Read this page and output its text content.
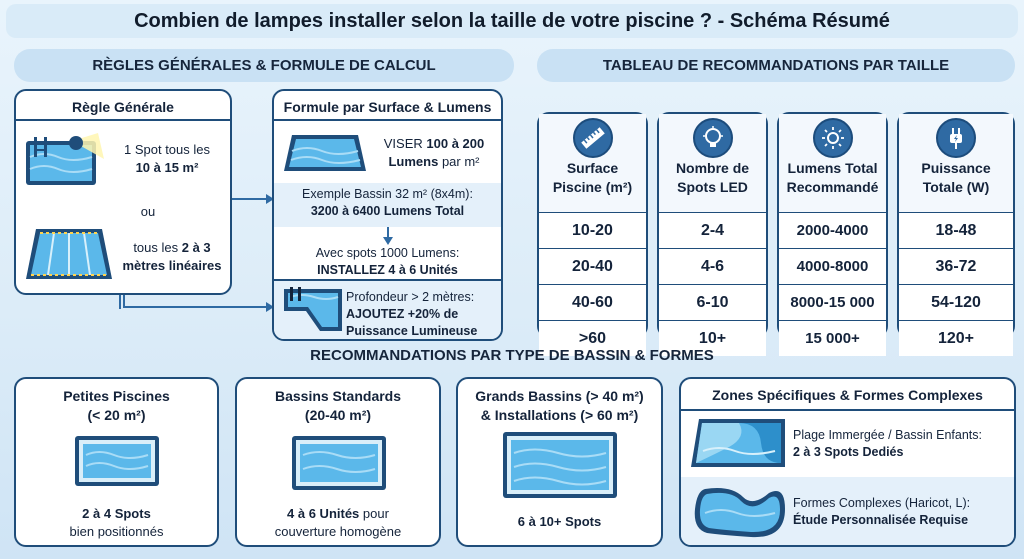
Combien de lampes installer selon la taille de votre piscine ? - Schéma Résumé
RÈGLES GÉNÉRALES & FORMULE DE CALCUL	TABLEAU DE RECOMMANDATIONS PAR TAILLE
Règle Générale
1 Spot tous les
10 à 15 m²
ou
tous les 2 à 3
mètres linéaires
Formule par Surface & Lumens
VISER 100 à 200
Lumens par m²
Exemple Bassin 32 m² (8x4m):
3200 à 6400 Lumens Total
Avec spots 1000 Lumens:
INSTALLEZ 4 à 6 Unités
Profondeur > 2 mètres:
AJOUTEZ +20% de
Puissance Lumineuse
Surface Piscine (m²)
10-20
20-40
40-60
>60
Nombre de Spots LED
2-4
4-6
6-10
10+
Lumens Total Recommandé
2000-4000
4000-8000
8000-15 000
15 000+
Puissance Totale (W)
18-48
36-72
54-120
120+
RECOMMANDATIONS PAR TYPE DE BASSIN & FORMES
Petites Piscines
(< 20 m²)
2 à 4 Spots
bien positionnés
Bassins Standards
(20-40 m²)
4 à 6 Unités pour
couverture homogène
Grands Bassins (> 40 m²)
& Installations (> 60 m²)
6 à 10+ Spots
Zones Spécifiques & Formes Complexes
Plage Immergée / Bassin Enfants:
2 à 3 Spots Dediés
Formes Complexes (Haricot, L):
Étude Personnalisée Requise
